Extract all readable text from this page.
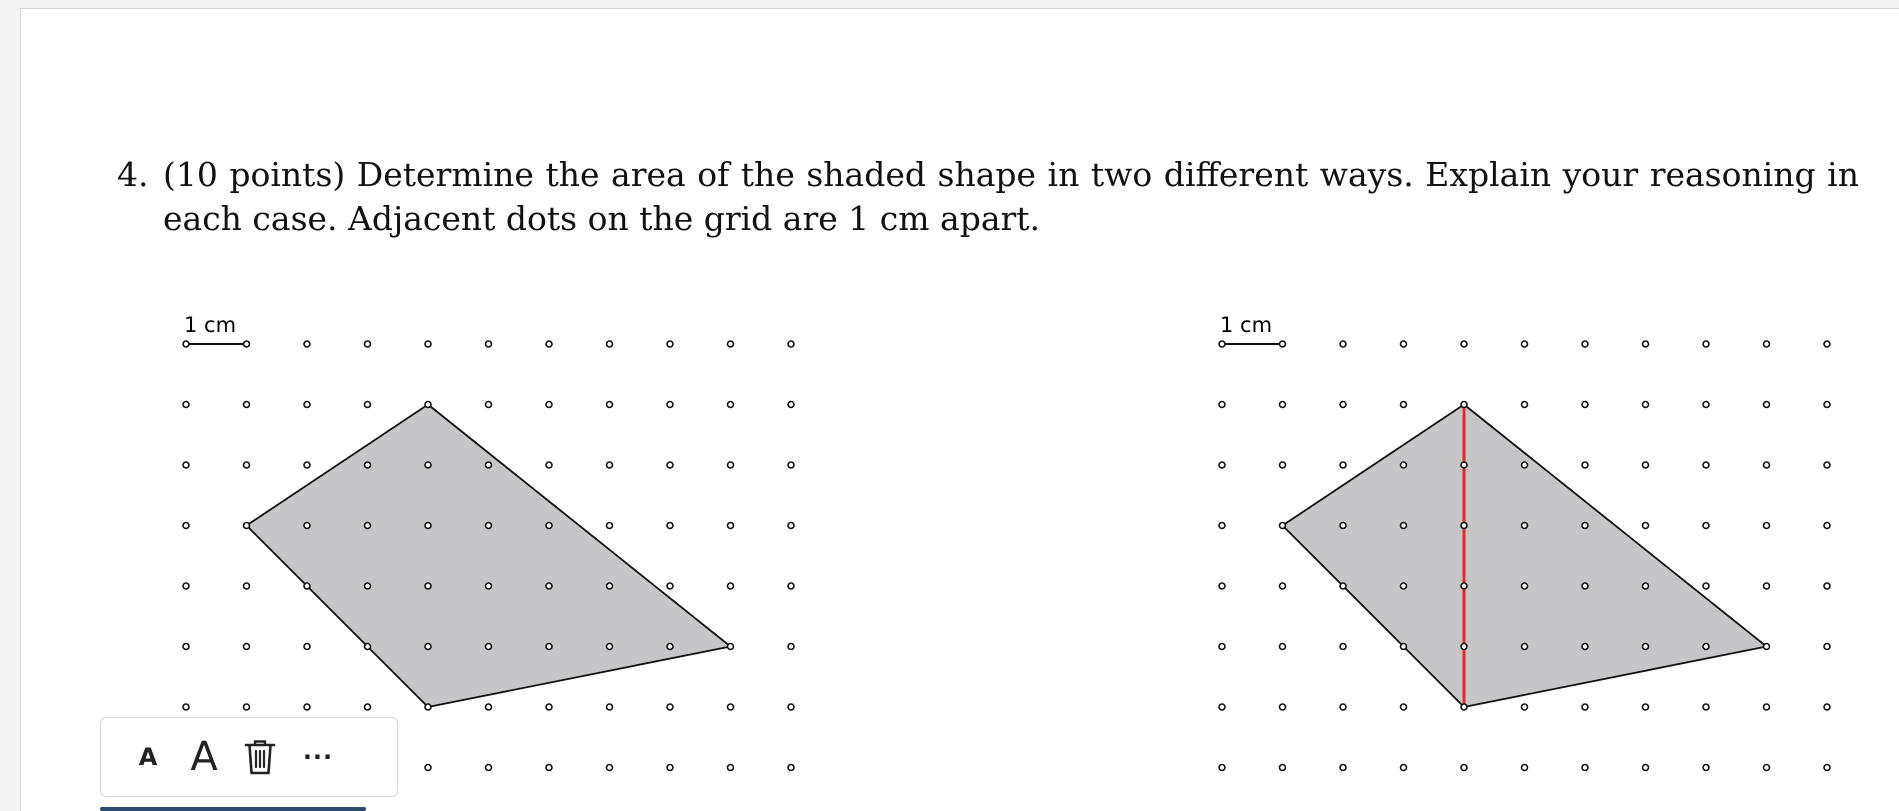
4. (10 points) Determine the area of the shaded shape in two different ways. Explain your reasoning in each case. Adjacent dots on the grid are 1 cm apart.
1 cm	1 cm
A A	···
